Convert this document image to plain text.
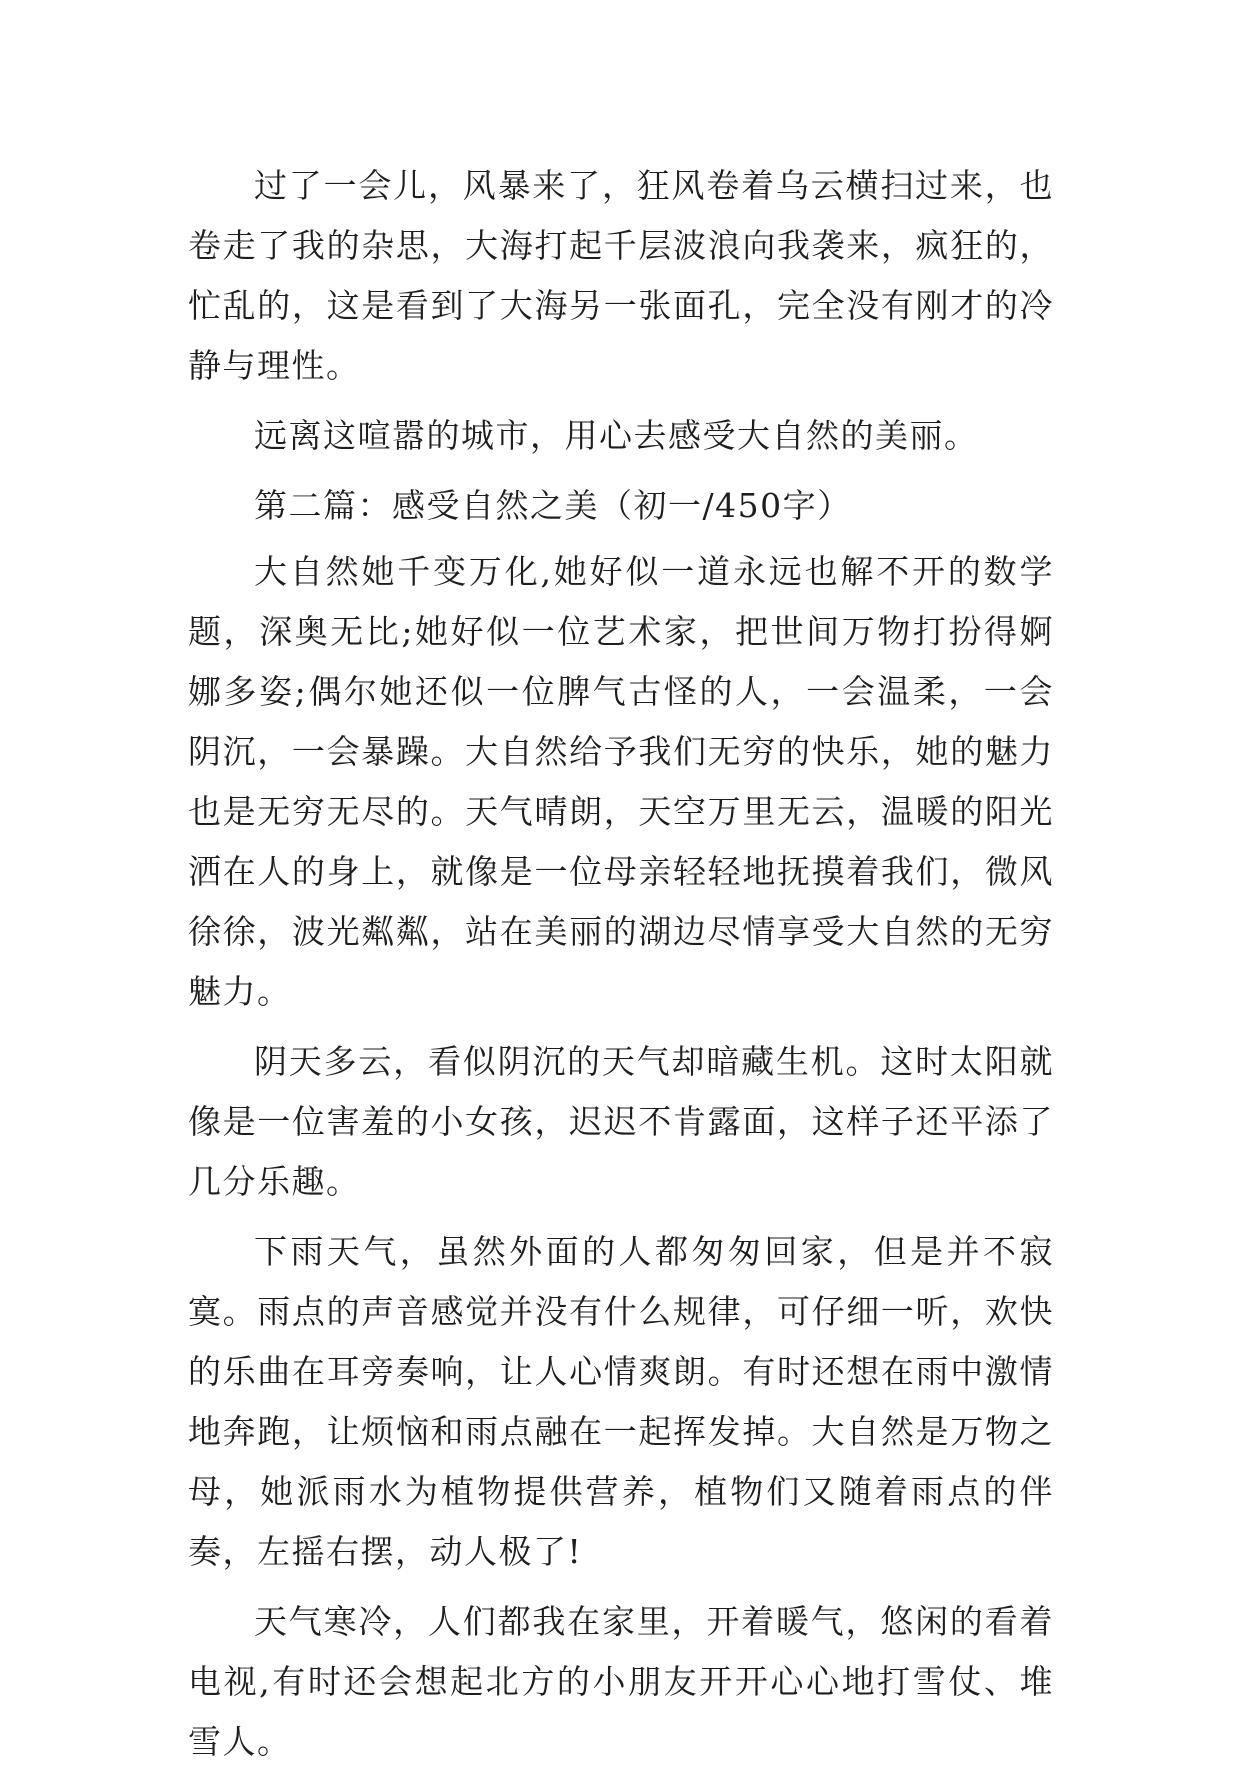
过了一会儿，风暴来了，狂风卷着乌云横扫过来，也卷走了我的杂思，大海打起千层波浪向我袭来，疯狂的，忙乱的，这是看到了大海另一张面孔，完全没有刚才的冷静与理性。

远离这喧嚣的城市，用心去感受大自然的美丽。

第二篇：感受自然之美（初一/450字）

大自然她千变万化,她好似一道永远也解不开的数学题，深奥无比;她好似一位艺术家，把世间万物打扮得婀娜多姿;偶尔她还似一位脾气古怪的人，一会温柔，一会阴沉，一会暴躁。大自然给予我们无穷的快乐，她的魅力也是无穷无尽的。天气晴朗，天空万里无云，温暖的阳光洒在人的身上，就像是一位母亲轻轻地抚摸着我们，微风徐徐，波光粼粼，站在美丽的湖边尽情享受大自然的无穷魅力。

阴天多云，看似阴沉的天气却暗藏生机。这时太阳就像是一位害羞的小女孩，迟迟不肯露面，这样子还平添了几分乐趣。

下雨天气，虽然外面的人都匆匆回家，但是并不寂寞。雨点的声音感觉并没有什么规律，可仔细一听，欢快的乐曲在耳旁奏响，让人心情爽朗。有时还想在雨中激情地奔跑，让烦恼和雨点融在一起挥发掉。大自然是万物之母，她派雨水为植物提供营养，植物们又随着雨点的伴奏，左摇右摆，动人极了!

天气寒冷，人们都我在家里，开着暖气，悠闲的看着电视,有时还会想起北方的小朋友开开心心地打雪仗、堆雪人。
